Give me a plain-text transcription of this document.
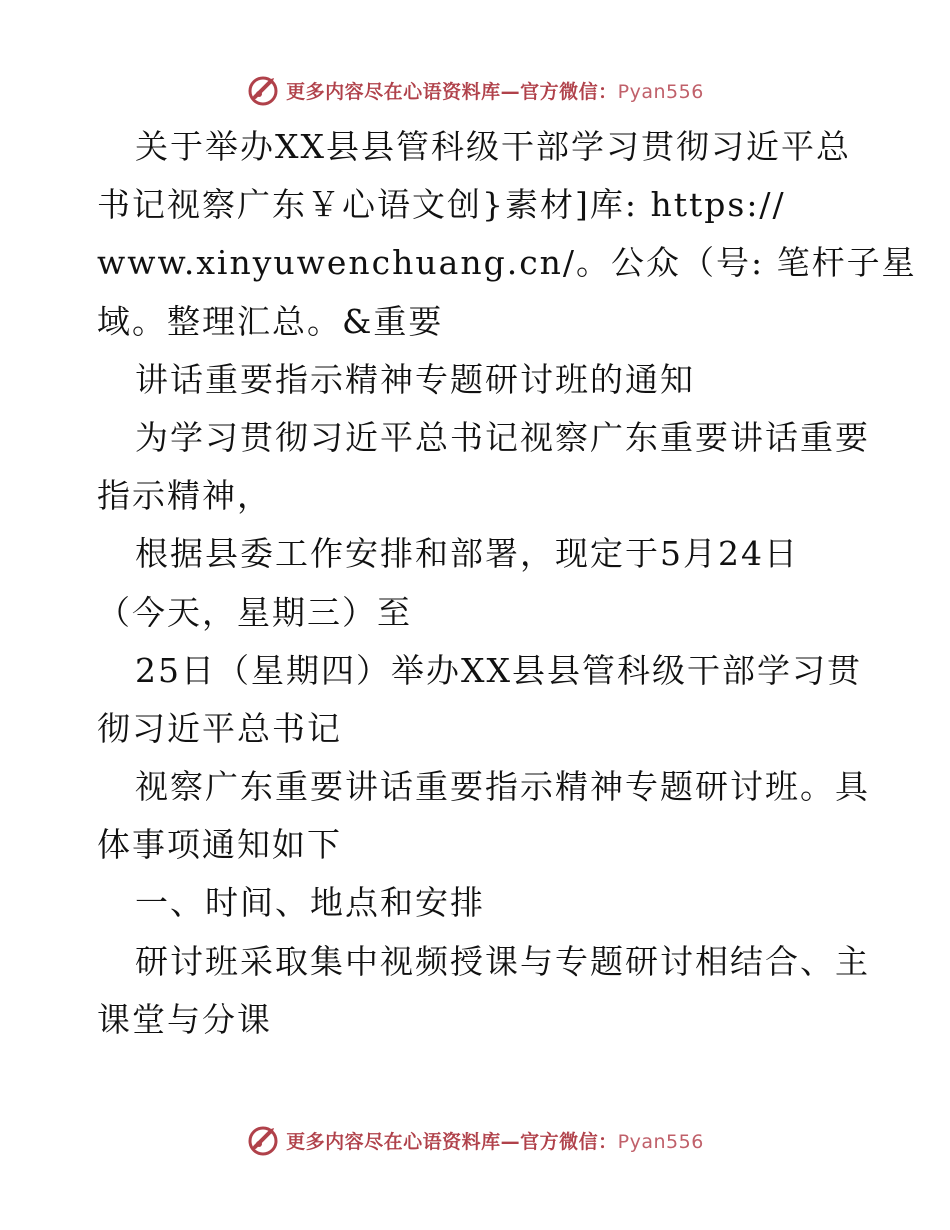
更多内容尽在心语资料库—官方微信：Pyan556
关于举办XX县县管科级干部学习贯彻习近平总
书记视察广东￥心语文创}素材]库: https://
www.xinyuwenchuang.cn/。公众（号: 笔杆子星
域。整理汇总。&重要
讲话重要指示精神专题研讨班的通知
为学习贯彻习近平总书记视察广东重要讲话重要
指示精神，
根据县委工作安排和部署，现定于5月24日
（今天，星期三）至
25日（星期四）举办XX县县管科级干部学习贯
彻习近平总书记
视察广东重要讲话重要指示精神专题研讨班。具
体事项通知如下
一、时间、地点和安排
研讨班采取集中视频授课与专题研讨相结合、主
课堂与分课
更多内容尽在心语资料库—官方微信：Pyan556
